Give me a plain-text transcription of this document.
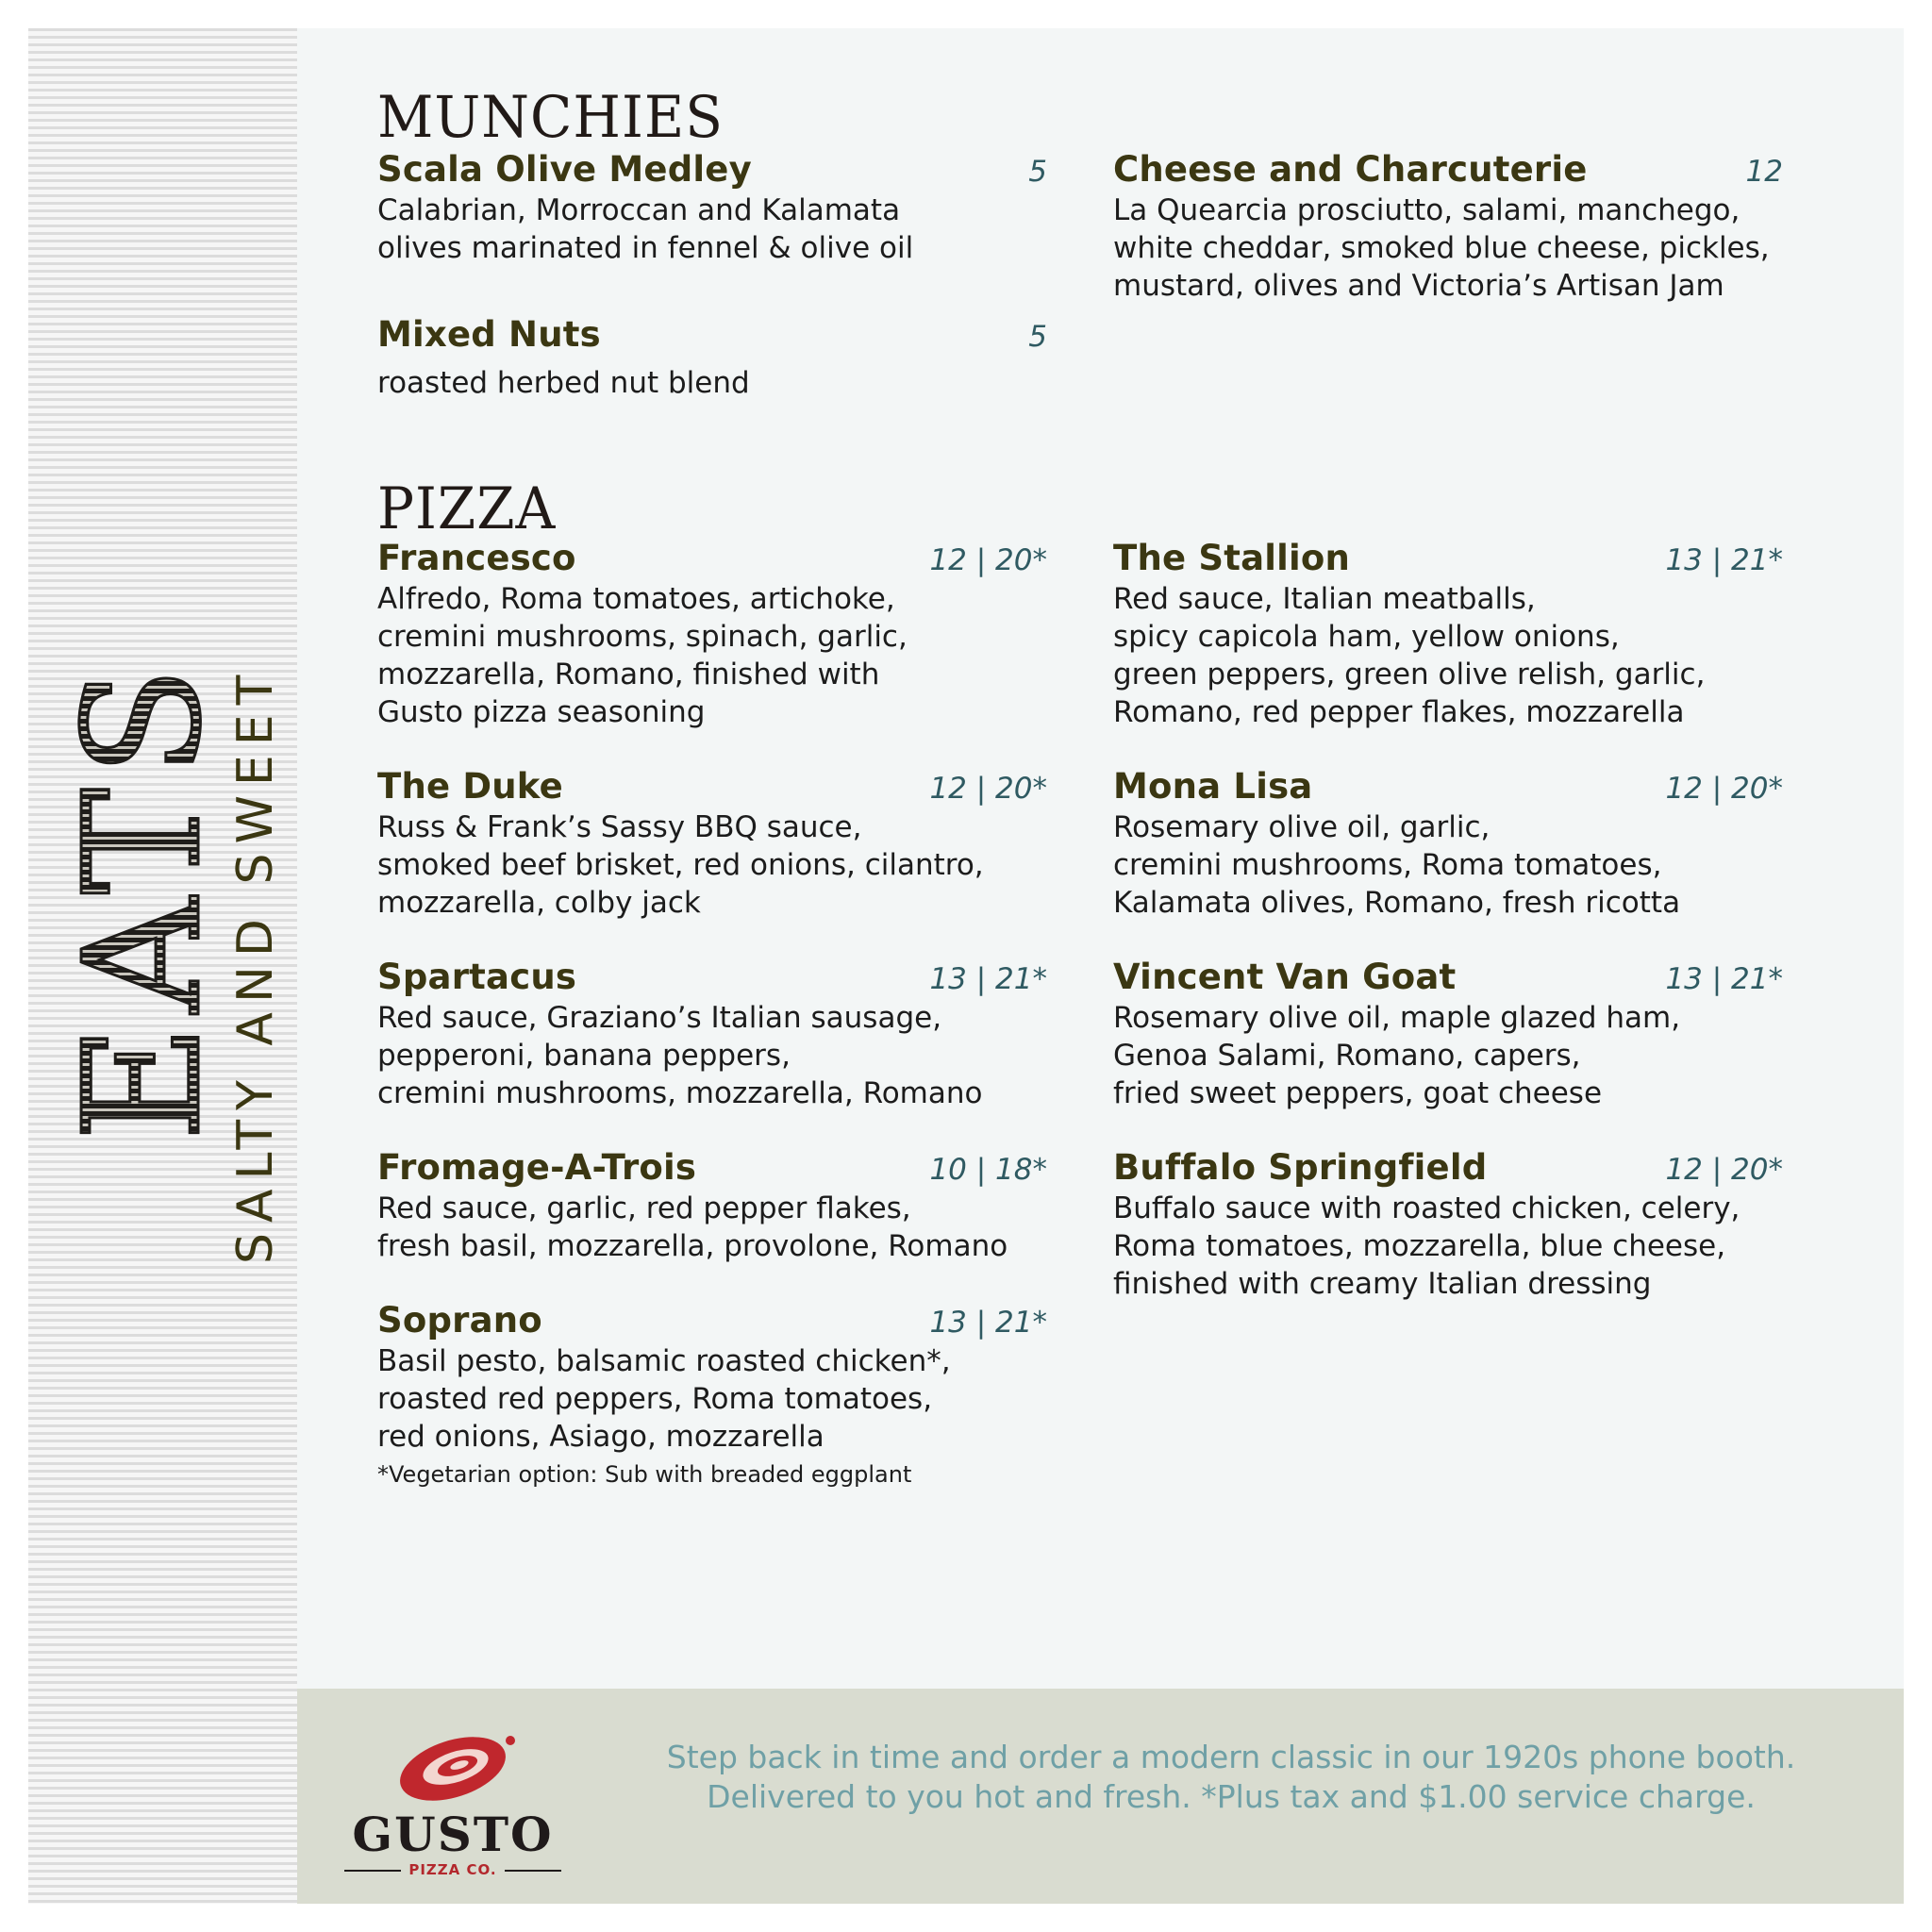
EATS
SALTY AND SWEET
MUNCHIES
Scala Olive Medley	5
Calabrian, Morroccan and Kalamata
olives marinated in fennel & olive oil
Mixed Nuts	5
roasted herbed nut blend
Cheese and Charcuterie	12
La Quearcia prosciutto, salami, manchego,
white cheddar, smoked blue cheese, pickles,
mustard, olives and Victoria’s Artisan Jam
PIZZA
Francesco	12 | 20*
Alfredo, Roma tomatoes, artichoke,
cremini mushrooms, spinach, garlic,
mozzarella, Romano, finished with
Gusto pizza seasoning
The Duke	12 | 20*
Russ & Frank’s Sassy BBQ sauce,
smoked beef brisket, red onions, cilantro,
mozzarella, colby jack
Spartacus	13 | 21*
Red sauce, Graziano’s Italian sausage,
pepperoni, banana peppers,
cremini mushrooms, mozzarella, Romano
Fromage-A-Trois	10 | 18*
Red sauce, garlic, red pepper flakes,
fresh basil, mozzarella, provolone, Romano
Soprano	13 | 21*
Basil pesto, balsamic roasted chicken*,
roasted red peppers, Roma tomatoes,
red onions, Asiago, mozzarella
*Vegetarian option: Sub with breaded eggplant
The Stallion	13 | 21*
Red sauce, Italian meatballs,
spicy capicola ham, yellow onions,
green peppers, green olive relish, garlic,
Romano, red pepper flakes, mozzarella
Mona Lisa	12 | 20*
Rosemary olive oil, garlic,
cremini mushrooms, Roma tomatoes,
Kalamata olives, Romano, fresh ricotta
Vincent Van Goat	13 | 21*
Rosemary olive oil, maple glazed ham,
Genoa Salami, Romano, capers,
fried sweet peppers, goat cheese
Buffalo Springfield	12 | 20*
Buffalo sauce with roasted chicken, celery,
Roma tomatoes, mozzarella, blue cheese,
finished with creamy Italian dressing
GUSTO
PIZZA CO.
Step back in time and order a modern classic in our 1920s phone booth.
Delivered to you hot and fresh. *Plus tax and $1.00 service charge.
